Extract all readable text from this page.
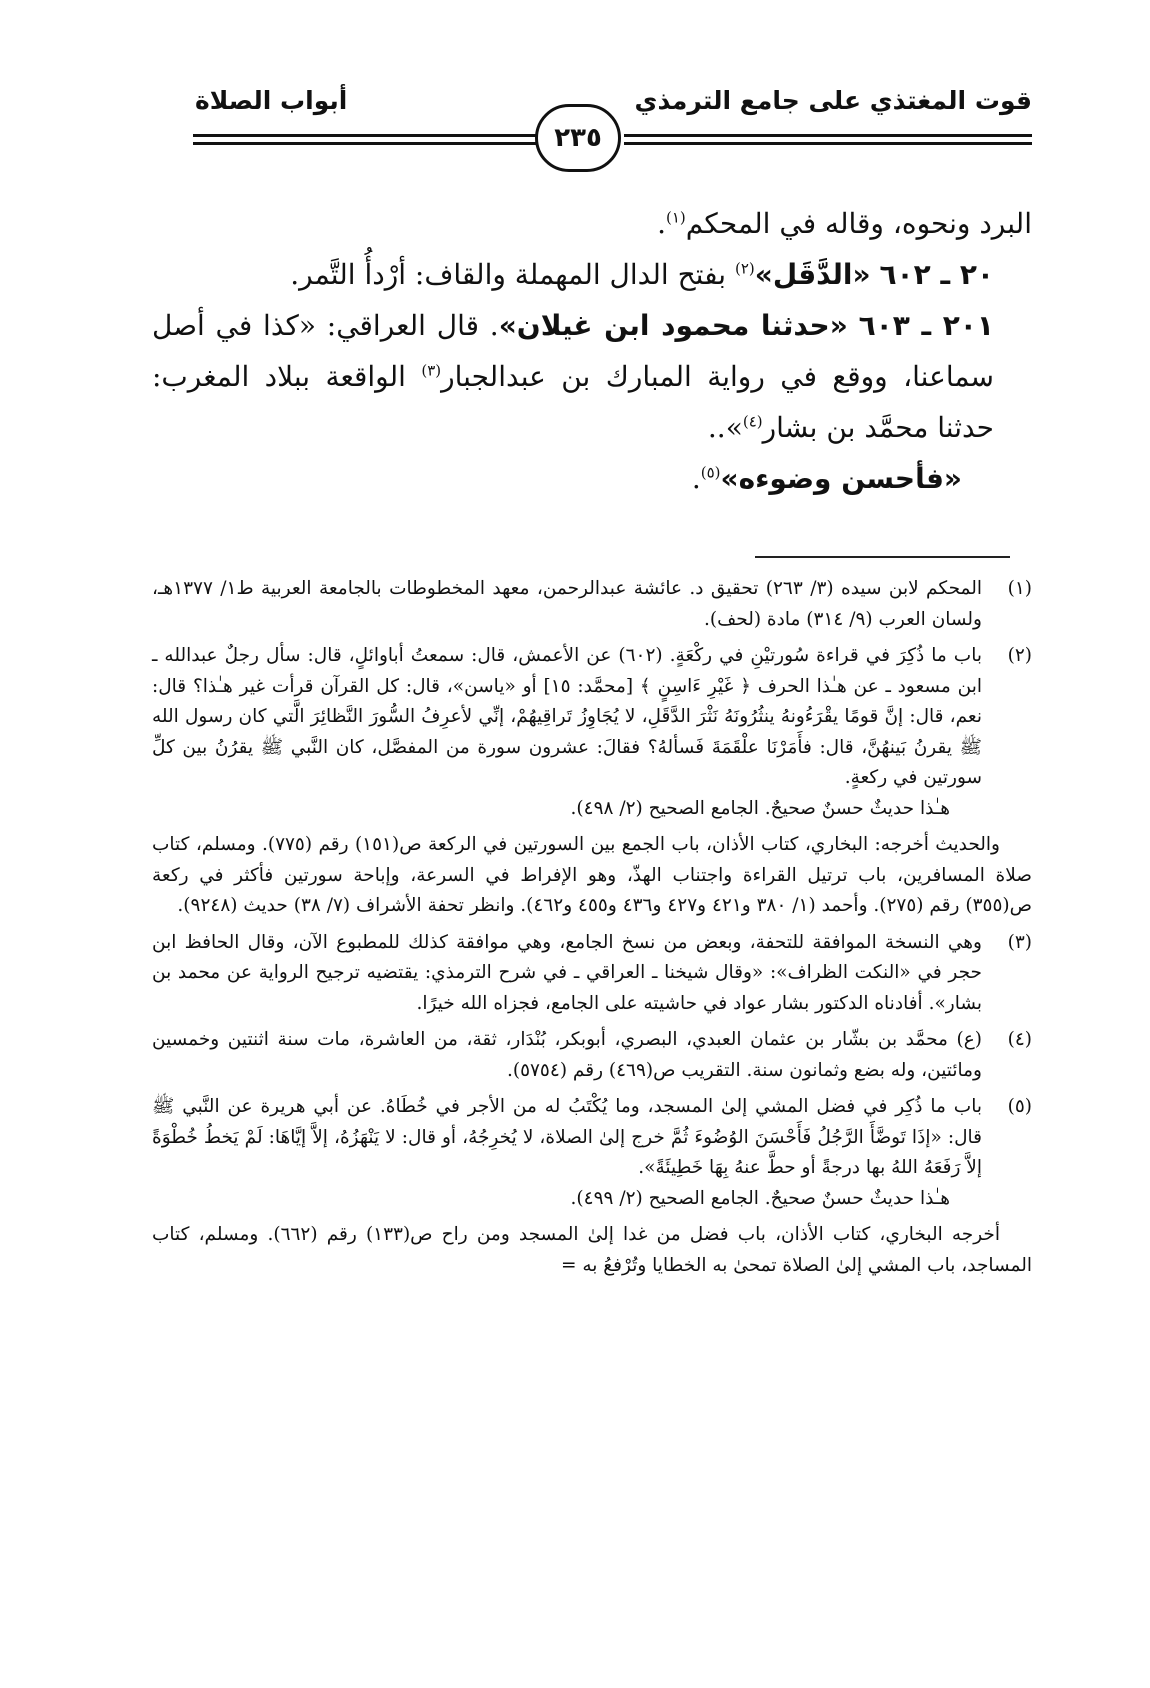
قوت المغتذي على جامع الترمذي
أبواب الصلاة
٢٣٥

البرد ونحوه، وقاله في المحكم$^{(١)}$.

٢٠ ـ ٦٠٢ «الدَّقَل»$^{(٢)}$ بفتح الدال المهملة والقاف: أرْدأُ التَّمر.

٢٠١ ـ ٦٠٣ «حدثنا محمود ابن غيلان». قال العراقي: «كذا في أصل سماعنا، ووقع في رواية المبارك بن عبدالجبار$^{(٣)}$ الواقعة ببلاد المغرب: حدثنا محمَّد بن بشار$^{(٤)}$»..

«فأحسن وضوءه»$^{(٥)}$.

(١)

المحكم لابن سيده (٣/ ٢٦٣) تحقيق د. عائشة عبدالرحمن، معهد المخطوطات بالجامعة العربية ط١/ ١٣٧٧هـ، ولسان العرب (٩/ ٣١٤) مادة (لحف).

(٢)

باب ما ذُكِرَ في قراءة سُورتيْنِ في ركْعَةٍ. (٦٠٢) عن الأعمش، قال: سمعتُ أباوائلٍ، قال: سأل رجلٌ عبدالله ـ ابن مسعود ـ عن هـٰذا الحرف ﴿ غَيْرِ ءَاسِنٍ ﴾ [محمَّد: ١٥] أو «ياسن»، قال: كل القرآن قرأت غير هـٰذا؟ قال: نعم، قال: إنَّ قومًا يقْرَءُونهُ ينثُرُونَهُ نَثْرَ الدَّقَلِ، لا يُجَاوِزُ تَراقِيهُمْ، إنِّي لأعرِفُ السُّورَ النَّظائِرَ الَّتي كان رسول الله ﷺ يقرنُ بَينهُنَّ، قال: فأَمَرْنَا علْقَمَةَ فَسألهُ؟ فقالَ: عشرون سورة من المفصَّل، كان النَّبي ﷺ يقرُنُ بين كلِّ سورتين في ركعةٍ.

هـٰذا حديثٌ حسنٌ صحيحٌ. الجامع الصحيح (٢/ ٤٩٨).

والحديث أخرجه: البخاري، كتاب الأذان، باب الجمع بين السورتين في الركعة ص(١٥١) رقم (٧٧٥). ومسلم، كتاب صلاة المسافرين، باب ترتيل القراءة واجتناب الهذّ، وهو الإفراط في السرعة، وإباحة سورتين فأكثر في ركعة ص(٣٥٥) رقم (٢٧٥). وأحمد (١/ ٣٨٠ و٤٢١ و٤٢٧ و٤٣٦ و٤٥٥ و٤٦٢). وانظر تحفة الأشراف (٧/ ٣٨) حديث (٩٢٤٨).

(٣)

وهي النسخة الموافقة للتحفة، وبعض من نسخ الجامع، وهي موافقة كذلك للمطبوع الآن، وقال الحافظ ابن حجر في «النكت الظراف»: «وقال شيخنا ـ العراقي ـ في شرح الترمذي: يقتضيه ترجيح الرواية عن محمد بن بشار». أفادناه الدكتور بشار عواد في حاشيته على الجامع، فجزاه الله خيرًا.

(٤)

(ع) محمَّد بن بشّار بن عثمان العبدي، البصري، أبوبكر، بُنْدَار، ثقة، من العاشرة، مات سنة اثنتين وخمسين ومائتين، وله بضع وثمانون سنة. التقريب ص(٤٦٩) رقم (٥٧٥٤).

(٥)

باب ما ذُكِر في فضل المشي إلىٰ المسجد، وما يُكْتَبُ له من الأجر في خُطَاهُ. عن أبي هريرة عن النَّبي ﷺ قال: «إذَا تَوضَّأَ الرَّجُلُ فَأَحْسَنَ الوُضُوءَ ثُمَّ خرج إلىٰ الصلاة، لا يُخرِجُهُ، أو قال: لا يَنْهَزُهُ، إلاَّ إيَّاهَا: لَمْ يَخطُ خُطْوَةً إلاَّ رَفَعَهُ اللهُ بها درجةً أو حطَّ عنهُ بِهَا خَطِيئَةً».

هـٰذا حديثٌ حسنٌ صحيحٌ. الجامع الصحيح (٢/ ٤٩٩).

أخرجه البخاري، كتاب الأذان، باب فضل من غدا إلىٰ المسجد ومن راح ص(١٣٣) رقم (٦٦٢). ومسلم، كتاب المساجد، باب المشي إلىٰ الصلاة تمحىٰ به الخطايا وتُرْفعُ به =
